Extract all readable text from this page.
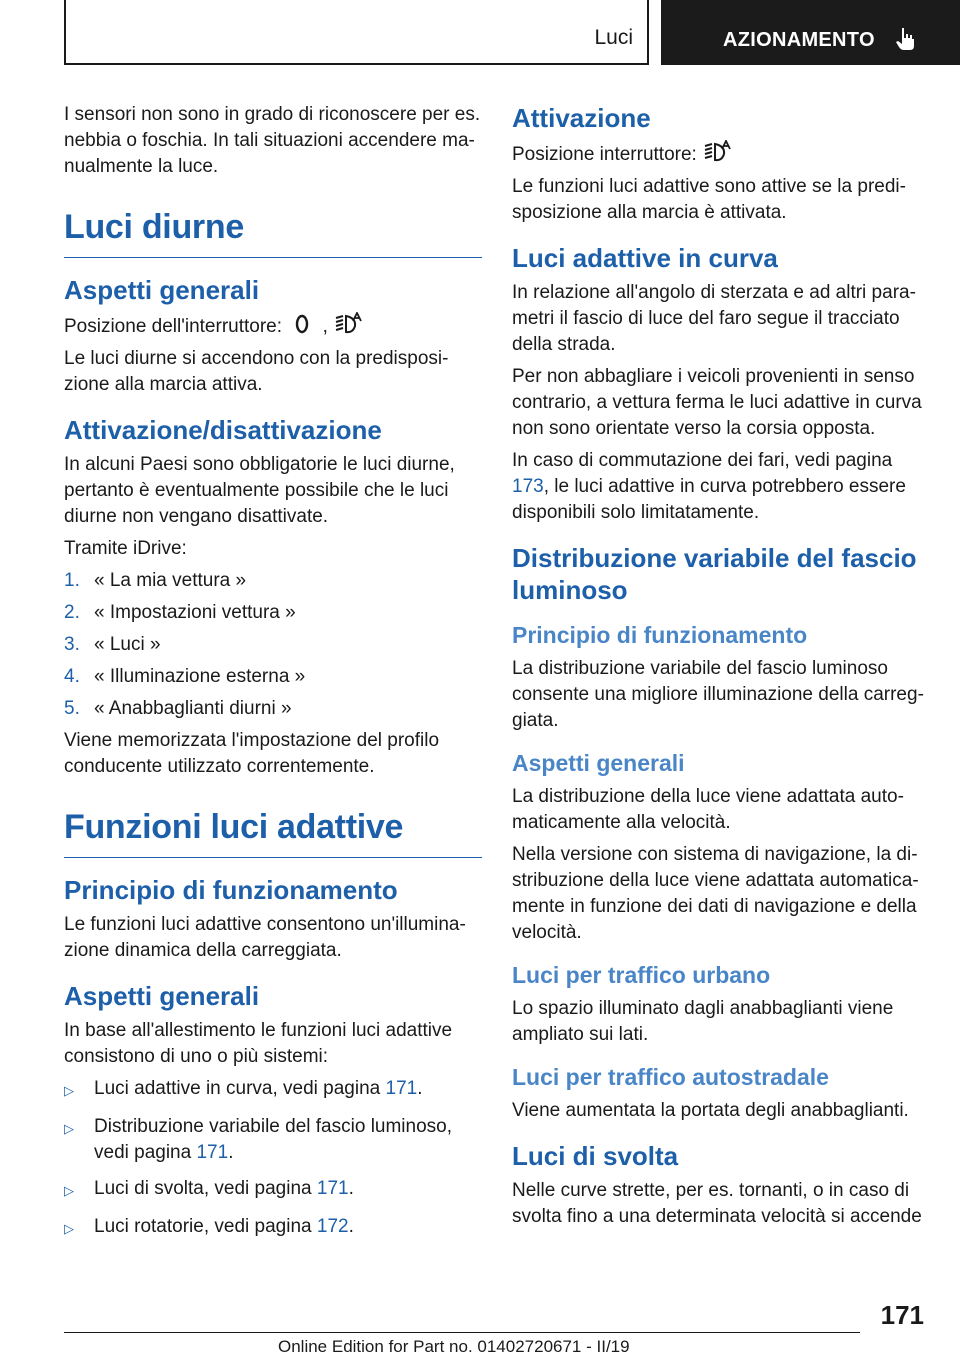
Luci	AZIONAMENTO

I sensori non sono in grado di riconoscere per es. nebbia o foschia. In tali situazioni accendere manualmente la luce.

Luci diurne
Aspetti generali

Posizione dell'interruttore: ,

Le luci diurne si accendono con la predisposizione alla marcia attiva.

Attivazione/disattivazione

In alcuni Paesi sono obbligatorie le luci diurne, pertanto è eventualmente possibile che le luci diurne non vengano disattivate.

Tramite iDrive:

1. « La mia vettura »
2. « Impostazioni vettura »
3. « Luci »
4. « Illuminazione esterna »
5. « Anabbaglianti diurni »

Viene memorizzata l'impostazione del profilo conducente utilizzato correntemente.

Funzioni luci adattive
Principio di funzionamento

Le funzioni luci adattive consentono un'illuminazione dinamica della carreggiata.

Aspetti generali

In base all'allestimento le funzioni luci adattive consistono di uno o più sistemi:

▷	Luci adattive in curva, vedi pagina 171.
▷	Distribuzione variabile del fascio luminoso, vedi pagina 171.
▷	Luci di svolta, vedi pagina 171.
▷	Luci rotatorie, vedi pagina 172.
Attivazione

Posizione interruttore:

Le funzioni luci adattive sono attive se la predisposizione alla marcia è attivata.

Luci adattive in curva

In relazione all'angolo di sterzata e ad altri parametri il fascio di luce del faro segue il tracciato della strada.

Per non abbagliare i veicoli provenienti in senso contrario, a vettura ferma le luci adattive in curva non sono orientate verso la corsia opposta.

In caso di commutazione dei fari, vedi pagina 173, le luci adattive in curva potrebbero essere disponibili solo limitatamente.

Distribuzione variabile del fascio luminoso
Principio di funzionamento

La distribuzione variabile del fascio luminoso consente una migliore illuminazione della carreggiata.

Aspetti generali

La distribuzione della luce viene adattata automaticamente alla velocità.

Nella versione con sistema di navigazione, la distribuzione della luce viene adattata automaticamente in funzione dei dati di navigazione e della velocità.

Luci per traffico urbano

Lo spazio illuminato dagli anabbaglianti viene ampliato sui lati.

Luci per traffico autostradale

Viene aumentata la portata degli anabbaglianti.

Luci di svolta

Nelle curve strette, per es. tornanti, o in caso di svolta fino a una determinata velocità si accende

171
Online Edition for Part no. 01402720671 - II/19
